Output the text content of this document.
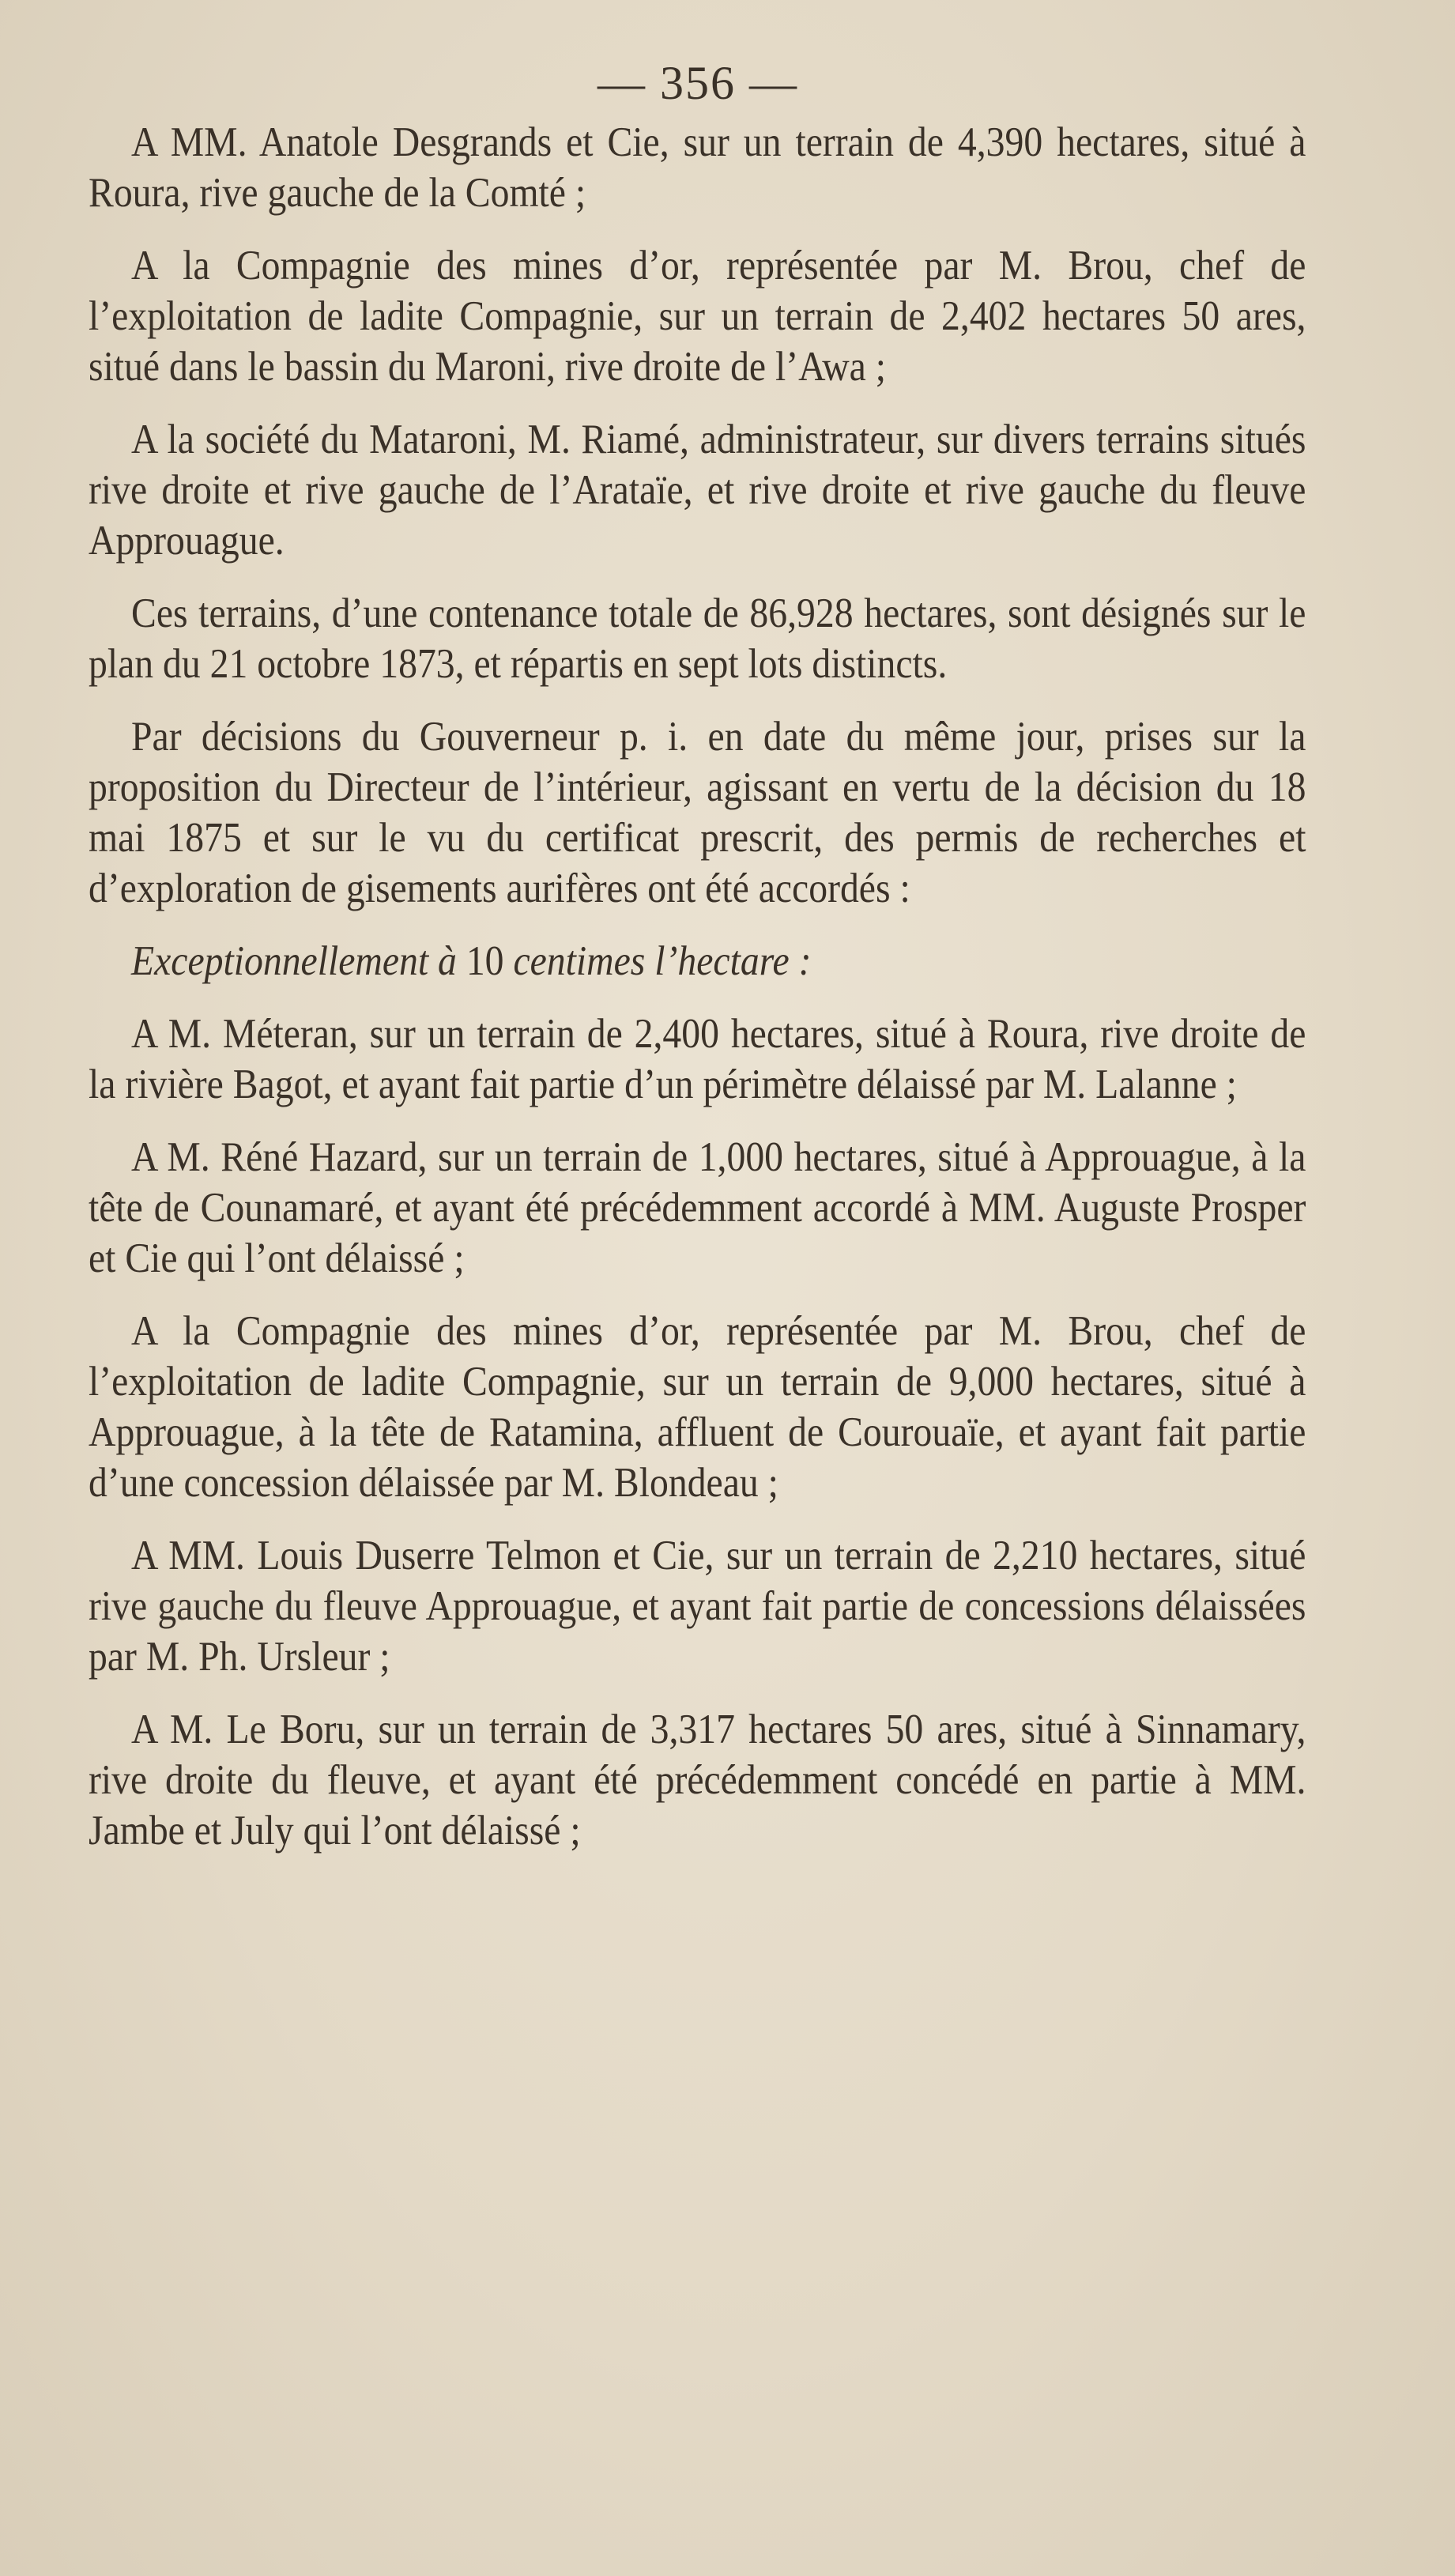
— 356 —

A MM. Anatole Desgrands et Cie, sur un terrain de 4,390 hectares, situé à Roura, rive gauche de la Comté ;

A la Compagnie des mines d’or, représentée par M. Brou, chef de l’exploitation de ladite Compagnie, sur un terrain de 2,402 hectares 50 ares, situé dans le bassin du Maroni, rive droite de l’Awa ;

A la société du Mataroni, M. Riamé, administrateur, sur divers terrains situés rive droite et rive gauche de l’Arataïe, et rive droite et rive gauche du fleuve Approuague.

Ces terrains, d’une contenance totale de 86,928 hectares, sont désignés sur le plan du 21 octobre 1873, et répartis en sept lots distincts.

Par décisions du Gouverneur p. i. en date du même jour, prises sur la proposition du Directeur de l’intérieur, agissant en vertu de la décision du 18 mai 1875 et sur le vu du certificat prescrit, des permis de recherches et d’exploration de gisements aurifères ont été accordés :

Exceptionnellement à 10 centimes l’hectare :

A M. Méteran, sur un terrain de 2,400 hectares, situé à Roura, rive droite de la rivière Bagot, et ayant fait partie d’un périmètre délaissé par M. Lalanne ;

A M. Réné Hazard, sur un terrain de 1,000 hectares, situé à Approuague, à la tête de Counamaré, et ayant été précédemment accordé à MM. Auguste Prosper et Cie qui l’ont délaissé ;

A la Compagnie des mines d’or, représentée par M. Brou, chef de l’exploitation de ladite Compagnie, sur un terrain de 9,000 hectares, situé à Approuague, à la tête de Ratamina, affluent de Courouaïe, et ayant fait partie d’une concession délaissée par M. Blondeau ;

A MM. Louis Duserre Telmon et Cie, sur un terrain de 2,210 hectares, situé rive gauche du fleuve Approuague, et ayant fait partie de concessions délaissées par M. Ph. Ursleur ;

A M. Le Boru, sur un terrain de 3,317 hectares 50 ares, situé à Sinnamary, rive droite du fleuve, et ayant été précédemment concédé en partie à MM. Jambe et July qui l’ont délaissé ;
